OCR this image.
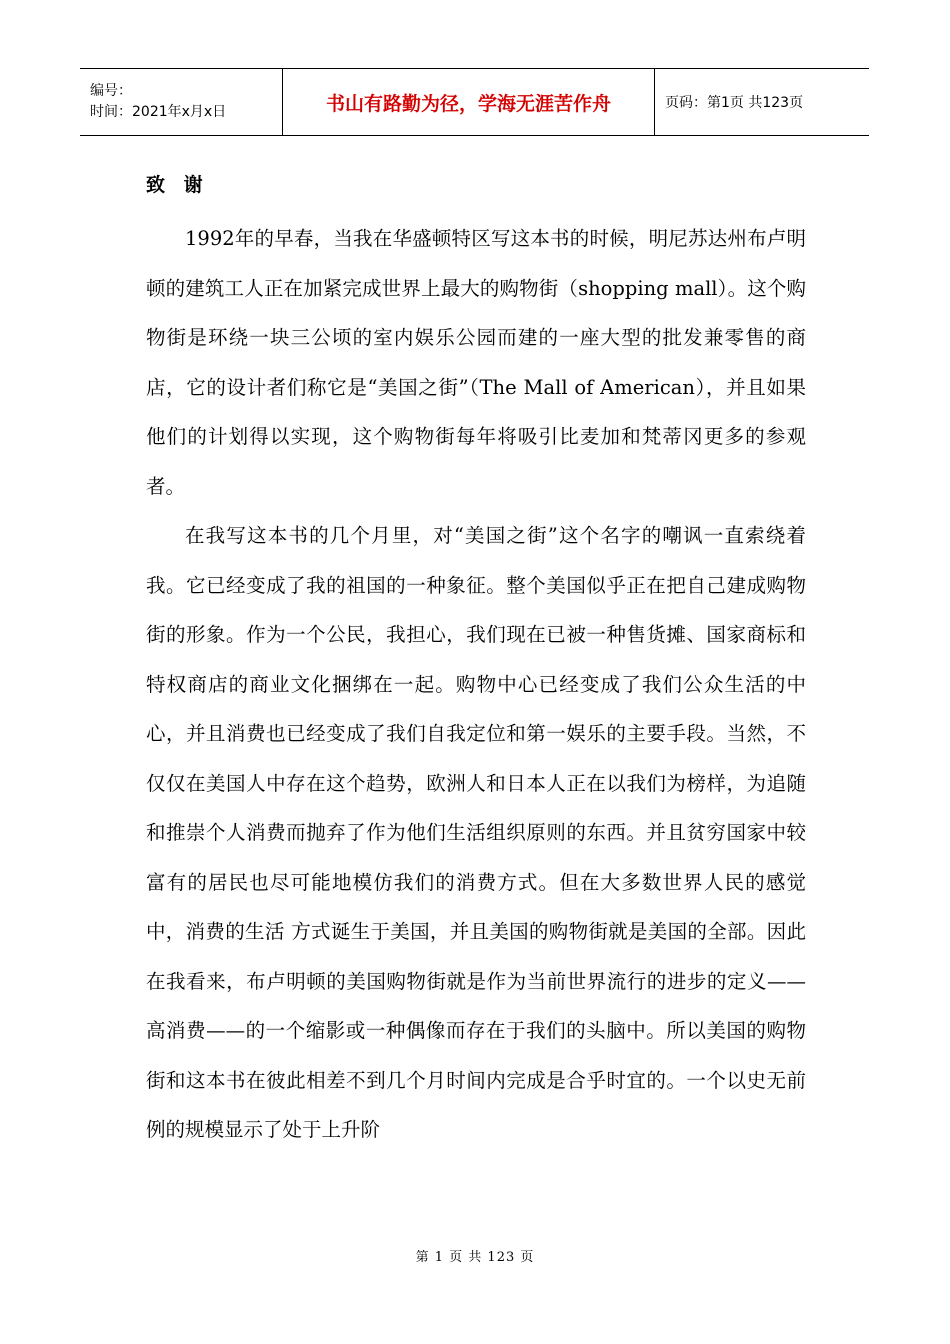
编号：
时间：2021年x月x日	书山有路勤为径，学海无涯苦作舟	页码：第1页 共123页
致 谢

1992年的早春，当我在华盛顿特区写这本书的时候，明尼苏达州布卢明顿的建筑工人正在加紧完成世界上最大的购物街（shopping mall）。这个购物街是环绕一块三公顷的室内娱乐公园而建的一座大型的批发兼零售的商店，它的设计者们称它是“美国之街”（The Mall of American），并且如果他们的计划得以实现，这个购物街每年将吸引比麦加和梵蒂冈更多的参观者。

在我写这本书的几个月里，对“美国之街”这个名字的嘲讽一直索绕着我。它已经变成了我的祖国的一种象征。整个美国似乎正在把自己建成购物街的形象。作为一个公民，我担心，我们现在已被一种售货摊、国家商标和特权商店的商业文化捆绑在一起。购物中心已经变成了我们公众生活的中心，并且消费也已经变成了我们自我定位和第一娱乐的主要手段。当然，不仅仅在美国人中存在这个趋势，欧洲人和日本人正在以我们为榜样，为追随和推崇个人消费而抛弃了作为他们生活组织原则的东西。并且贫穷国家中较富有的居民也尽可能地模仿我们的消费方式。但在大多数世界人民的感觉中，消费的生活 方式诞生于美国，并且美国的购物街就是美国的全部。因此在我看来，布卢明顿的美国购物街就是作为当前世界流行的进步的定义——高消费——的一个缩影或一种偶像而存在于我们的头脑中。所以美国的购物街和这本书在彼此相差不到几个月时间内完成是合乎时宜的。一个以史无前例的规模显示了处于上升阶

第 1 页 共 123 页
